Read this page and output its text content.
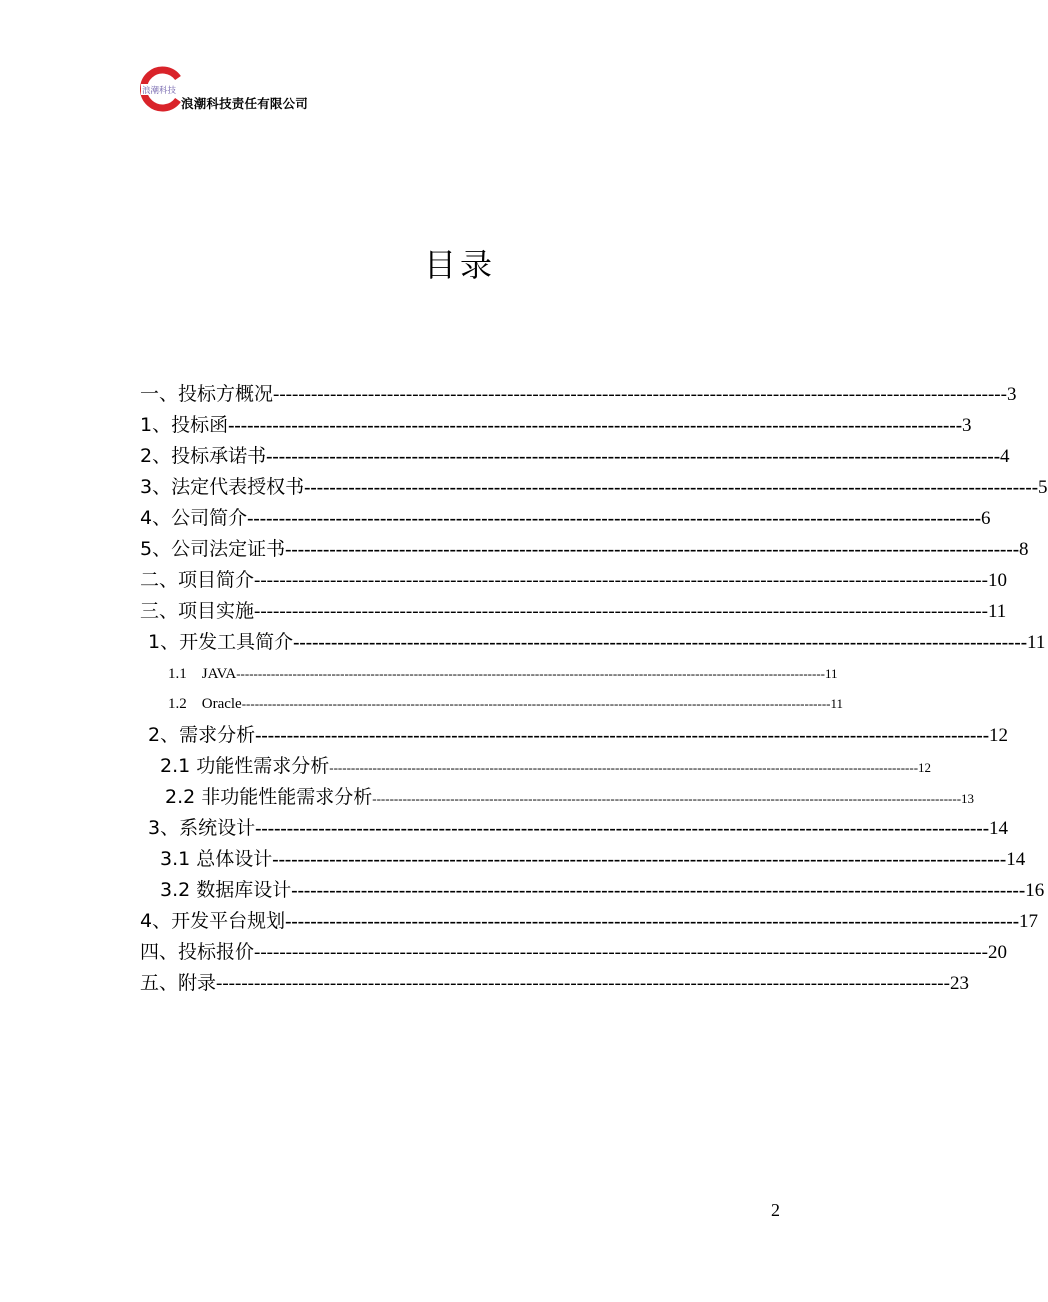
浪潮科技
浪潮科技责任有限公司
目录
一、投标方概况 -------------------------------------------------------------------------------------------------------------------- 3
1、投标函 -------------------------------------------------------------------------------------------------------------------- 3
2、投标承诺书 -------------------------------------------------------------------------------------------------------------------- 4
3、法定代表授权书 -------------------------------------------------------------------------------------------------------------------- 5
4、公司简介 -------------------------------------------------------------------------------------------------------------------- 6
5、公司法定证书 -------------------------------------------------------------------------------------------------------------------- 8
二、项目简介 -------------------------------------------------------------------------------------------------------------------- 10
三、项目实施 -------------------------------------------------------------------------------------------------------------------- 11
1、开发工具简介 -------------------------------------------------------------------------------------------------------------------- 11
1.1    JAVA ---------------------------------------------------------------------------------------------------------------------------------------- 11
1.2    Oracle ---------------------------------------------------------------------------------------------------------------------------------------- 11
2、需求分析 -------------------------------------------------------------------------------------------------------------------- 12
2.1 功能性需求分析 ---------------------------------------------------------------------------------------------------------------------------------------- 12
2.2 非功能性能需求分析 ---------------------------------------------------------------------------------------------------------------------------------------- 13
3、系统设计 -------------------------------------------------------------------------------------------------------------------- 14
3.1 总体设计 -------------------------------------------------------------------------------------------------------------------- 14
3.2 数据库设计 -------------------------------------------------------------------------------------------------------------------- 16
4、开发平台规划 -------------------------------------------------------------------------------------------------------------------- 17
四、投标报价 -------------------------------------------------------------------------------------------------------------------- 20
五、附录 -------------------------------------------------------------------------------------------------------------------- 23
2
